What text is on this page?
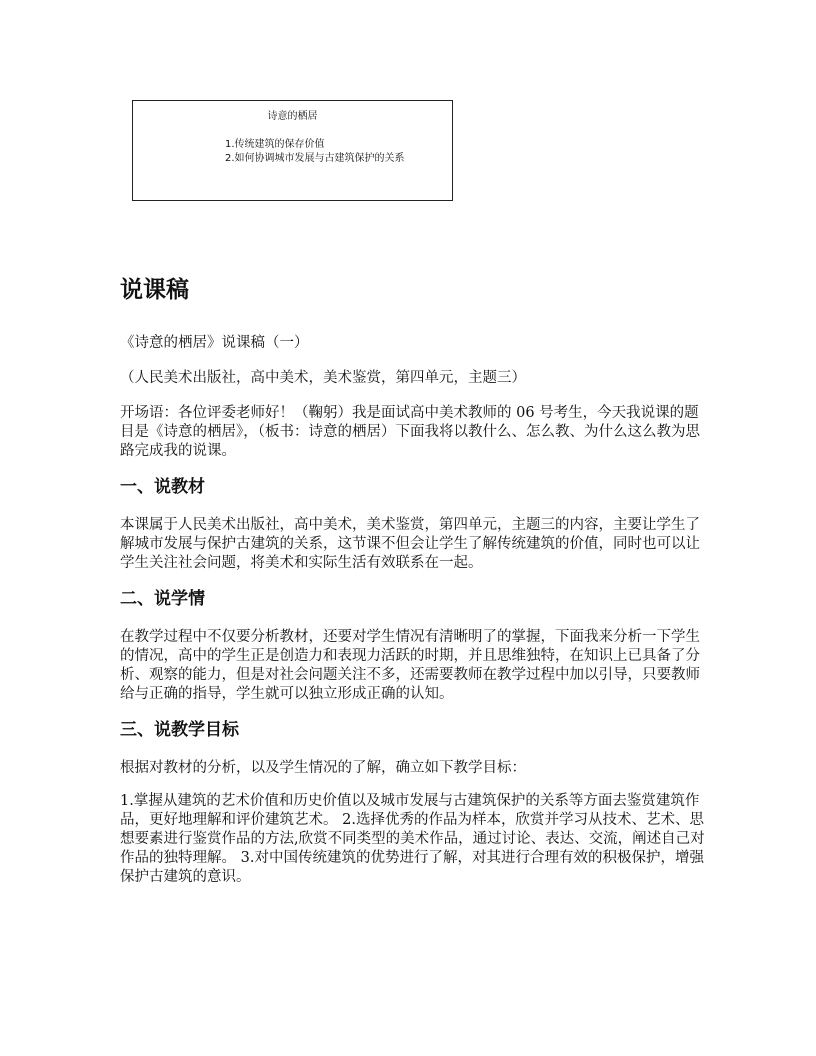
诗意的栖居
1.传统建筑的保存价值
2.如何协调城市发展与古建筑保护的关系
说课稿

《诗意的栖居》说课稿（一）

（人民美术出版社，高中美术，美术鉴赏，第四单元，主题三）

开场语：各位评委老师好！（鞠躬）我是面试高中美术教师的 06 号考生，今天我说课的题目是《诗意的栖居》，（板书：诗意的栖居）下面我将以教什么、怎么教、为什么这么教为思路完成我的说课。

一、说教材

本课属于人民美术出版社，高中美术，美术鉴赏，第四单元，主题三的内容，主要让学生了解城市发展与保护古建筑的关系，这节课不但会让学生了解传统建筑的价值，同时也可以让学生关注社会问题，将美术和实际生活有效联系在一起。

二、说学情

在教学过程中不仅要分析教材，还要对学生情况有清晰明了的掌握，下面我来分析一下学生的情况，高中的学生正是创造力和表现力活跃的时期，并且思维独特，在知识上已具备了分析、观察的能力，但是对社会问题关注不多，还需要教师在教学过程中加以引导，只要教师给与正确的指导，学生就可以独立形成正确的认知。

三、说教学目标

根据对教材的分析，以及学生情况的了解，确立如下教学目标：

1.掌握从建筑的艺术价值和历史价值以及城市发展与古建筑保护的关系等方面去鉴赏建筑作品，更好地理解和评价建筑艺术。 2.选择优秀的作品为样本，欣赏并学习从技术、艺术、思想要素进行鉴赏作品的方法,欣赏不同类型的美术作品，通过讨论、表达、交流，阐述自己对作品的独特理解。 3.对中国传统建筑的优势进行了解，对其进行合理有效的积极保护，增强保护古建筑的意识。
